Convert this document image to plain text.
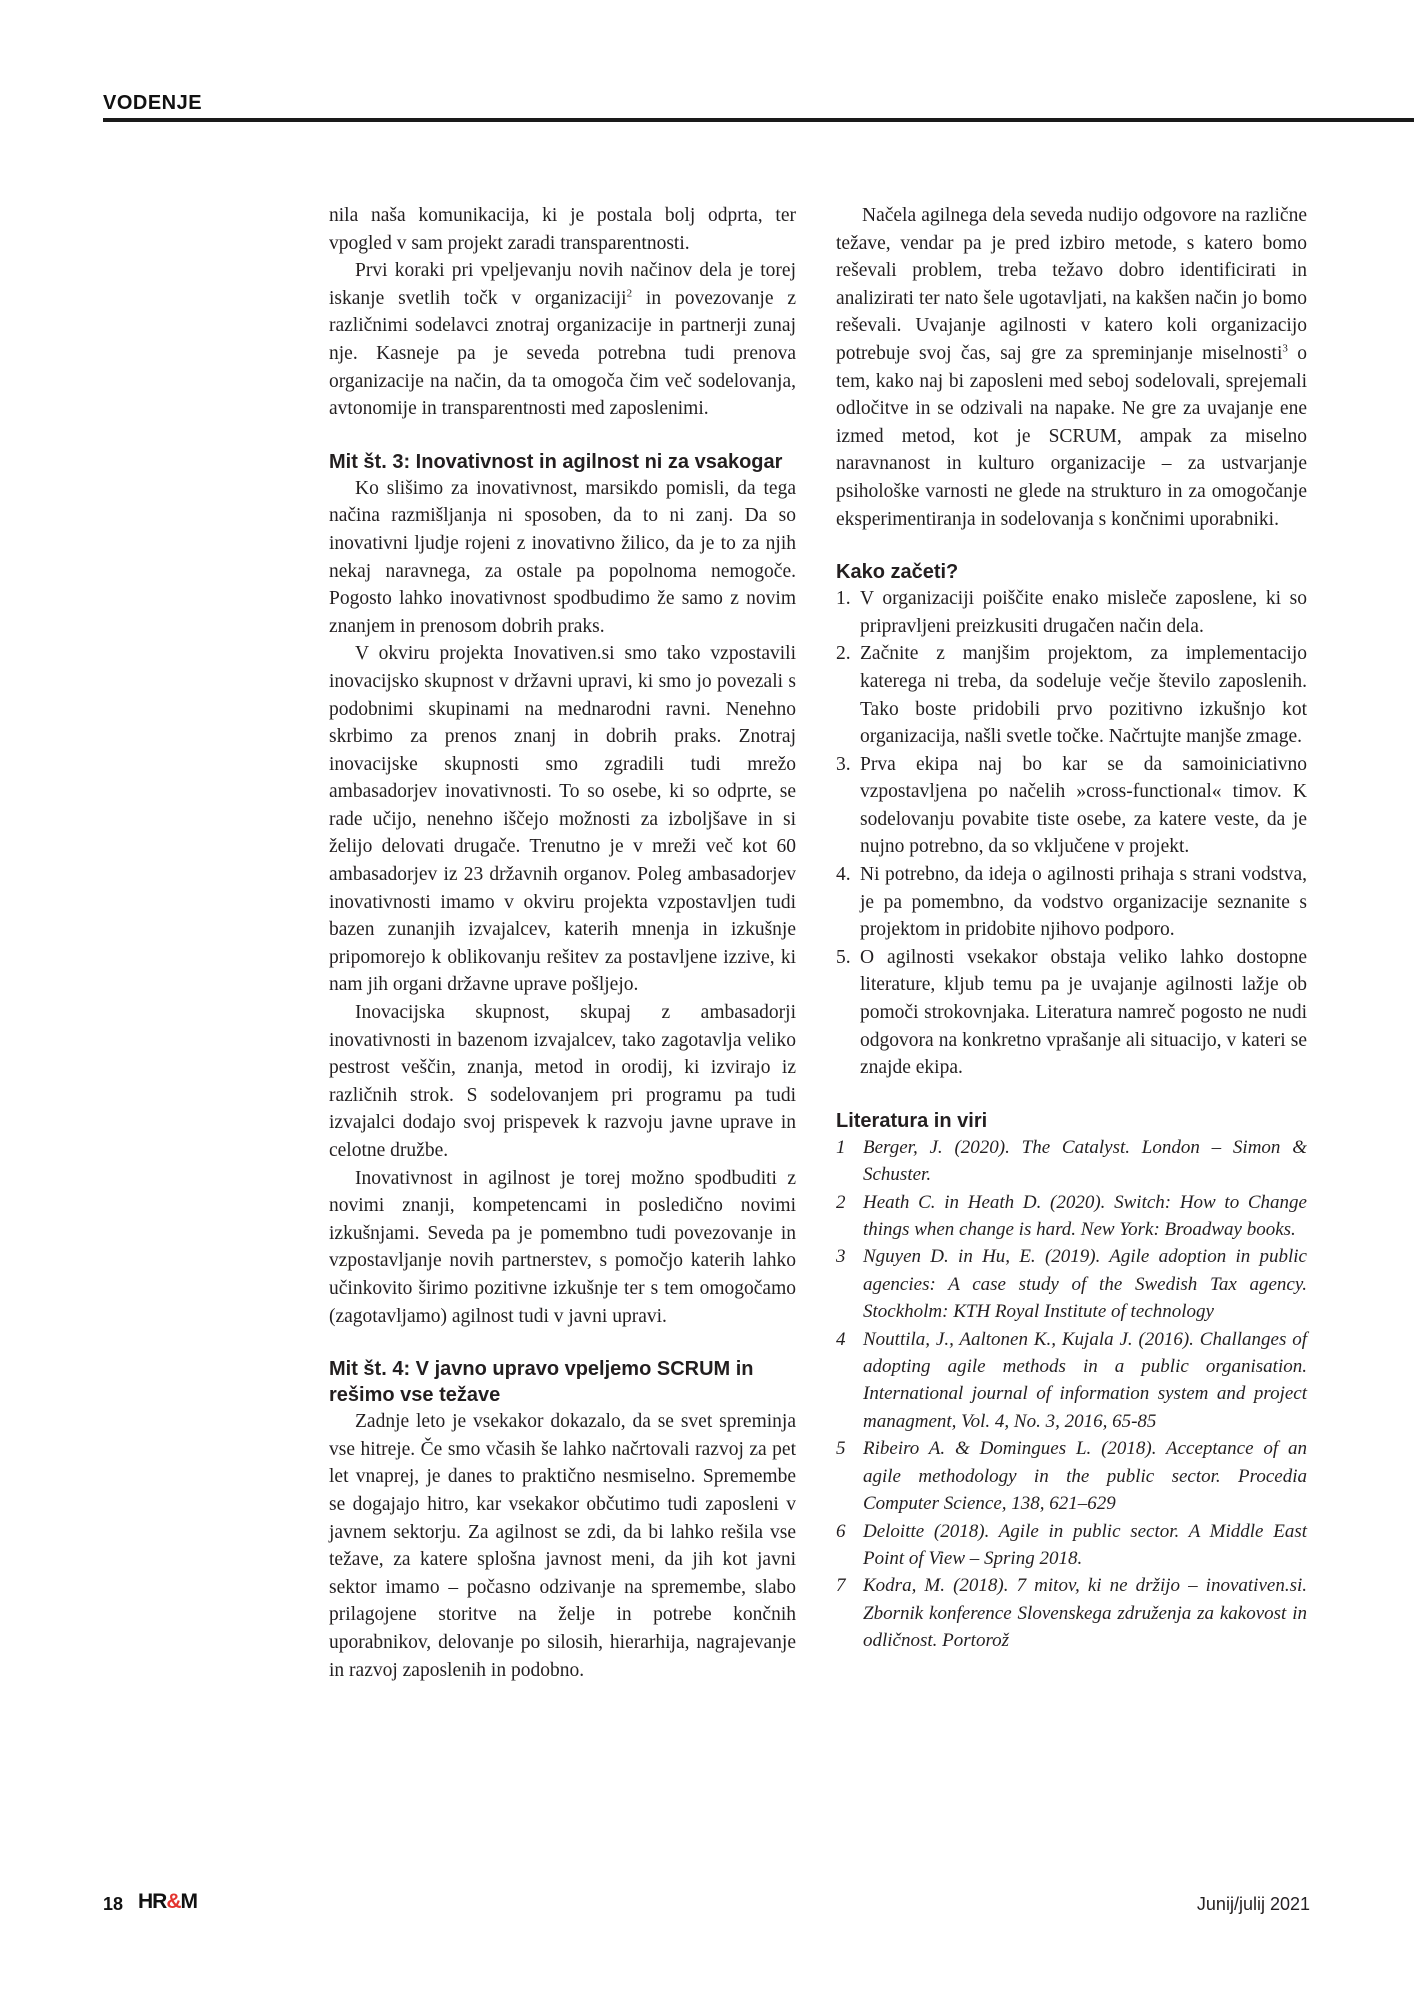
VODENJE

nila naša komunikacija, ki je postala bolj odprta, ter vpogled v sam projekt zaradi transparentnosti.

Prvi koraki pri vpeljevanju novih načinov dela je torej iskanje svetlih točk v organizaciji$^2$ in povezovanje z različnimi sodelavci znotraj organizacije in partnerji zunaj nje. Kasneje pa je seveda potrebna tudi prenova organizacije na način, da ta omogoča čim več sodelovanja, avtonomije in transparentnosti med zaposlenimi.

Mit št. 3: Inovativnost in agilnost ni za vsakogar

Ko slišimo za inovativnost, marsikdo pomisli, da tega načina razmišljanja ni sposoben, da to ni zanj. Da so inovativni ljudje rojeni z inovativno žilico, da je to za njih nekaj naravnega, za ostale pa popolnoma nemogoče. Pogosto lahko inovativnost spodbudimo že samo z novim znanjem in prenosom dobrih praks.

V okviru projekta Inovativen.si smo tako vzpostavili inovacijsko skupnost v državni upravi, ki smo jo povezali s podobnimi skupinami na mednarodni ravni. Nenehno skrbimo za prenos znanj in dobrih praks. Znotraj inovacijske skupnosti smo zgradili tudi mrežo ambasadorjev inovativnosti. To so osebe, ki so odprte, se rade učijo, nenehno iščejo možnosti za izboljšave in si želijo delovati drugače. Trenutno je v mreži več kot 60 ambasadorjev iz 23 državnih organov. Poleg ambasadorjev inovativnosti imamo v okviru projekta vzpostavljen tudi bazen zunanjih izvajalcev, katerih mnenja in izkušnje pripomorejo k oblikovanju rešitev za postavljene izzive, ki nam jih organi državne uprave pošljejo.

Inovacijska skupnost, skupaj z ambasadorji inovativnosti in bazenom izvajalcev, tako zagotavlja veliko pestrost veščin, znanja, metod in orodij, ki izvirajo iz različnih strok. S sodelovanjem pri programu pa tudi izvajalci dodajo svoj prispevek k razvoju javne uprave in celotne družbe.

Inovativnost in agilnost je torej možno spodbuditi z novimi znanji, kompetencami in posledično novimi izkušnjami. Seveda pa je pomembno tudi povezovanje in vzpostavljanje novih partnerstev, s pomočjo katerih lahko učinkovito širimo pozitivne izkušnje ter s tem omogočamo (zagotavljamo) agilnost tudi v javni upravi.

Mit št. 4: V javno upravo vpeljemo SCRUM in rešimo vse težave

Zadnje leto je vsekakor dokazalo, da se svet spreminja vse hitreje. Če smo včasih še lahko načrtovali razvoj za pet let vnaprej, je danes to praktično nesmiselno. Spremembe se dogajajo hitro, kar vsekakor občutimo tudi zaposleni v javnem sektorju. Za agilnost se zdi, da bi lahko rešila vse težave, za katere splošna javnost meni, da jih kot javni sektor imamo – počasno odzivanje na spremembe, slabo prilagojene storitve na želje in potrebe končnih uporabnikov, delovanje po silosih, hierarhija, nagrajevanje in razvoj zaposlenih in podobno.

Načela agilnega dela seveda nudijo odgovore na različne težave, vendar pa je pred izbiro metode, s katero bomo reševali problem, treba težavo dobro identificirati in analizirati ter nato šele ugotavljati, na kakšen način jo bomo reševali. Uvajanje agilnosti v katero koli organizacijo potrebuje svoj čas, saj gre za spreminjanje miselnosti$^3$ o tem, kako naj bi zaposleni med seboj sodelovali, sprejemali odločitve in se odzivali na napake. Ne gre za uvajanje ene izmed metod, kot je SCRUM, ampak za miselno naravnanost in kulturo organizacije – za ustvarjanje psihološke varnosti ne glede na strukturo in za omogočanje eksperimentiranja in sodelovanja s končnimi uporabniki.

Kako začeti?
1. V organizaciji poiščite enako misleče zaposlene, ki so pripravljeni preizkusiti drugačen način dela.
2. Začnite z manjšim projektom, za implementacijo katerega ni treba, da sodeluje večje število zaposlenih. Tako boste pridobili prvo pozitivno izkušnjo kot organizacija, našli svetle točke. Načrtujte manjše zmage.
3. Prva ekipa naj bo kar se da samoiniciativno vzpostavljena po načelih »cross-functional« timov. K sodelovanju povabite tiste osebe, za katere veste, da je nujno potrebno, da so vključene v projekt.
4. Ni potrebno, da ideja o agilnosti prihaja s strani vodstva, je pa pomembno, da vodstvo organizacije seznanite s projektom in pridobite njihovo podporo.
5. O agilnosti vsekakor obstaja veliko lahko dostopne literature, kljub temu pa je uvajanje agilnosti lažje ob pomoči strokovnjaka. Literatura namreč pogosto ne nudi odgovora na konkretno vprašanje ali situacijo, v kateri se znajde ekipa.
Literatura in viri
1 Berger, J. (2020). The Catalyst. London – Simon & Schuster.
2 Heath C. in Heath D. (2020). Switch: How to Change things when change is hard. New York: Broadway books.
3 Nguyen D. in Hu, E. (2019). Agile adoption in public agencies: A case study of the Swedish Tax agency. Stockholm: KTH Royal Institute of technology
4 Nouttila, J., Aaltonen K., Kujala J. (2016). Challanges of adopting agile methods in a public organisation. International journal of information system and project managment, Vol. 4, No. 3, 2016, 65-85
5 Ribeiro A. & Domingues L. (2018). Acceptance of an agile methodology in the public sector. Procedia Computer Science, 138, 621–629
6 Deloitte (2018). Agile in public sector. A Middle East Point of View – Spring 2018.
7 Kodra, M. (2018). 7 mitov, ki ne držijo – inovativen.si. Zbornik konference Slovenskega združenja za kakovost in odličnost. Portorož
18 HR&M	Junij/julij 2021
